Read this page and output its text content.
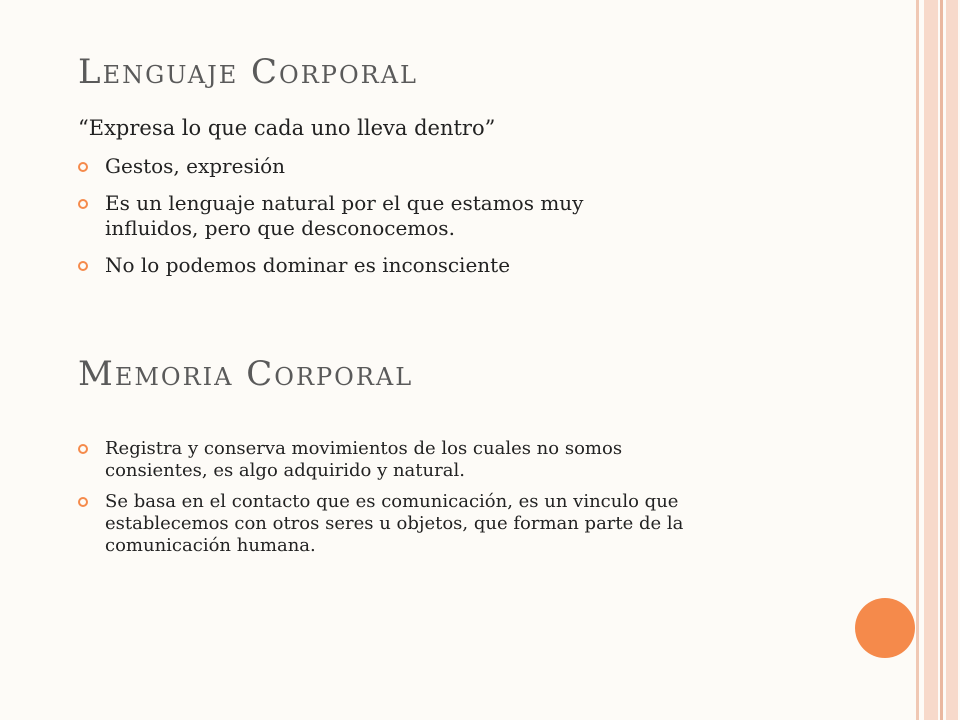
Lenguaje Corporal
“Expresa lo que cada uno lleva dentro”
Gestos, expresión
Es un lenguaje natural por el que estamos muy influidos, pero que desconocemos.
No lo podemos dominar es inconsciente
Memoria Corporal
Registra y conserva movimientos de los cuales no somos consientes, es algo adquirido y natural.
Se basa en el contacto que es comunicación, es un vinculo que establecemos con otros seres u objetos, que forman parte de la comunicación humana.
